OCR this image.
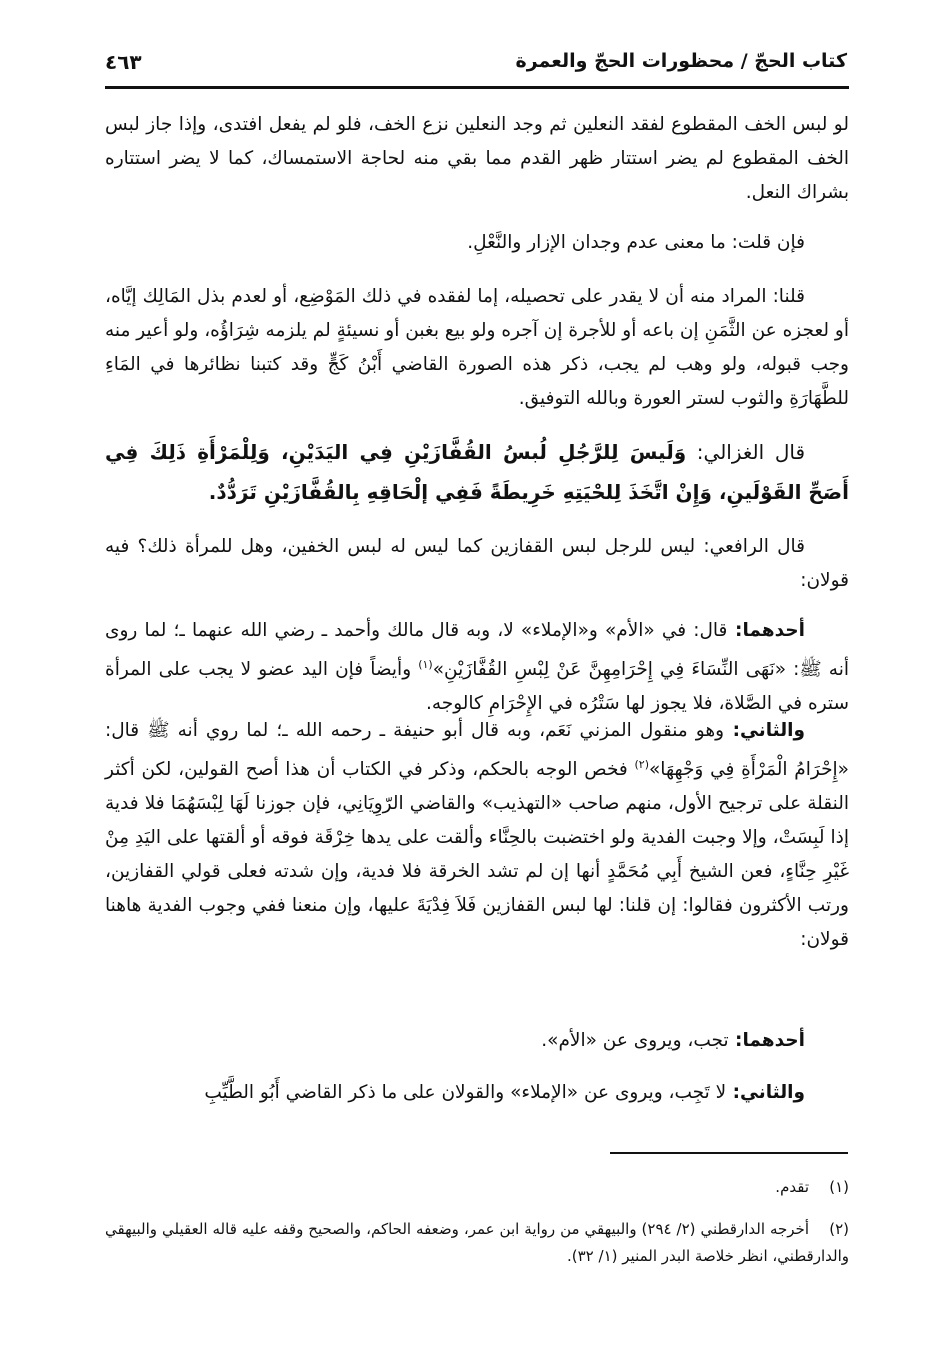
كتاب الحجّ / محظورات الحجّ والعمرة
٤٦٣
لو لبس الخف المقطوع لفقد النعلين ثم وجد النعلين نزع الخف، فلو لم يفعل افتدى، وإذا جاز لبس الخف المقطوع لم يضر استتار ظهر القدم مما بقي منه لحاجة الاستمساك، كما لا يضر استتاره بشراك النعل.
فإن قلت: ما معنى عدم وجدان الإزار والنَّعْلِ.
قلنا: المراد منه أن لا يقدر على تحصيله، إما لفقده في ذلك المَوْضِع، أو لعدم بذل المَالِك إيَّاه، أو لعجزه عن الثَّمَنِ إن باعه أو للأجرة إن آجره ولو بيع بغبن أو نسيئةٍ لم يلزمه شِرَاؤُه، ولو أعير منه وجب قبوله، ولو وهب لم يجب، ذكر هذه الصورة القاضي أَبْنُ كَجٍّ وقد كتبنا نظائرها في المَاءِ للطَّهَارَةِ والثوب لستر العورة وبالله التوفيق.
قال الغزالي: وَلَيسَ لِلرَّجُلِ لُبسُ القُفَّازَيْنِ فِي اليَدَيْنِ، وَلِلْمَرْأَةِ ذَلِكَ فِي أَصَحِّ القَوْلَينِ، وَإِنْ اتَّخَذَ لِلحْيَتِهِ خَرِيطَةً فَفِي إلْحَاقِهِ بِالقُفَّازَيْنِ تَرَدُّدٌ.
قال الرافعي: ليس للرجل لبس القفازين كما ليس له لبس الخفين، وهل للمرأة ذلك؟ فيه قولان:
أحدهما: قال: في «الأم» و«الإملاء» لا، وبه قال مالك وأحمد ـ رضي الله عنهما ـ؛ لما روى أنه ﷺ: «نَهَى النِّسَاءَ فِي إِحْرَامِهِنَّ عَنْ لِبْسِ القُفَّازَيْنِ»$^{(١)}$ وأيضاً فإن اليد عضو لا يجب على المرأة ستره في الصَّلاة، فلا يجوز لها سَتْرُه في الإِحْرَامِ كالوجه.
والثاني: وهو منقول المزني نَعَم، وبه قال أبو حنيفة ـ رحمه الله ـ؛ لما روي أنه ﷺ قال: «إِحْرَامُ الْمَرْأَةِ فِي وَجْهِهَا»$^{(٢)}$ فخص الوجه بالحكم، وذكر في الكتاب أن هذا أصح القولين، لكن أكثر النقلة على ترجيح الأول، منهم صاحب «التهذيب» والقاضي الرّوِيَانِي، فإن جوزنا لَهَا لِبْسَهُمَا فلا فدية إذا لَبِسَتْ، وإلا وجبت الفدية ولو اختضبت بالحِنَّاء وألقت على يدها خِرْقَة فوقه أو ألقتها على اليَدِ مِنْ غَيْرِ حِنَّاءٍ، فعن الشيخ أَبِي مُحَمَّدٍ أنها إن لم تشد الخرقة فلا فدية، وإن شدته فعلى قولي القفازين، ورتب الأكثرون فقالوا: إن قلنا: لها لبس القفازين فَلاَ فِدْيَةَ عليها، وإن منعنا ففي وجوب الفدية هاهنا قولان:
أحدهما: تجب، ويروى عن «الأم».
والثاني: لا تَجِب، ويروى عن «الإملاء» والقولان على ما ذكر القاضي أَبُو الطَّيِّبِ
(١)تقدم.
(٢)أخرجه الدارقطني (٢/ ٢٩٤) والبيهقي من رواية ابن عمر، وضعفه الحاكم، والصحيح وقفه عليه قاله العقيلي والبيهقي والدارقطني، انظر خلاصة البدر المنير (١/ ٣٢).
